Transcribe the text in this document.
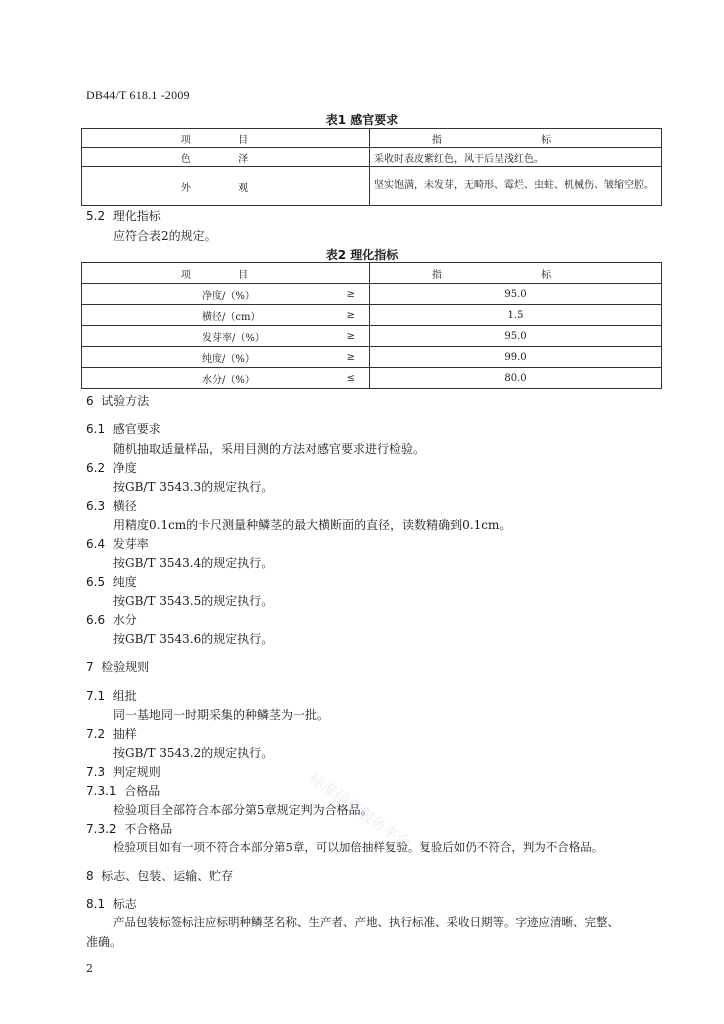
DB44/T 618.1 -2009
表1 感官要求
项 目	指 标
色 泽	采收时表皮紫红色，风干后呈浅红色。
外 观	坚实饱满，未发芽，无畸形、霉烂、虫蛀、机械伤、皱缩空腔。
5.2 理化指标
应符合表2的规定。
表2 理化指标
项 目	指 标

净度/（%） ≥	95.0

横径/（cm） ≥	1.5

发芽率/（%） ≥	95.0

纯度/（%） ≥	99.0

水分/（%） ≤	80.0
6 试验方法
6.1 感官要求
随机抽取适量样品，采用目测的方法对感官要求进行检验。
6.2 净度
按GB/T 3543.3的规定执行。
6.3 横径
用精度0.1cm的卡尺测量种鳞茎的最大横断面的直径，读数精确到0.1cm。
6.4 发芽率
按GB/T 3543.4的规定执行。
6.5 纯度
按GB/T 3543.5的规定执行。
6.6 水分
按GB/T 3543.6的规定执行。
7 检验规则
7.1 组批
同一基地同一时期采集的种鳞茎为一批。
7.2 抽样
按GB/T 3543.2的规定执行。
7.3 判定规则
7.3.1 合格品
检验项目全部符合本部分第5章规定判为合格品。
7.3.2 不合格品
检验项目如有一项不符合本部分第5章，可以加倍抽样复验。复验后如仍不符合，判为不合格品。
8 标志、包装、运输、贮存
8.1 标志
产品包装标签标注应标明种鳞茎名称、生产者、产地、执行标准、采收日期等。字迹应清晰、完整、
准确。
标准信息服务平台
2
